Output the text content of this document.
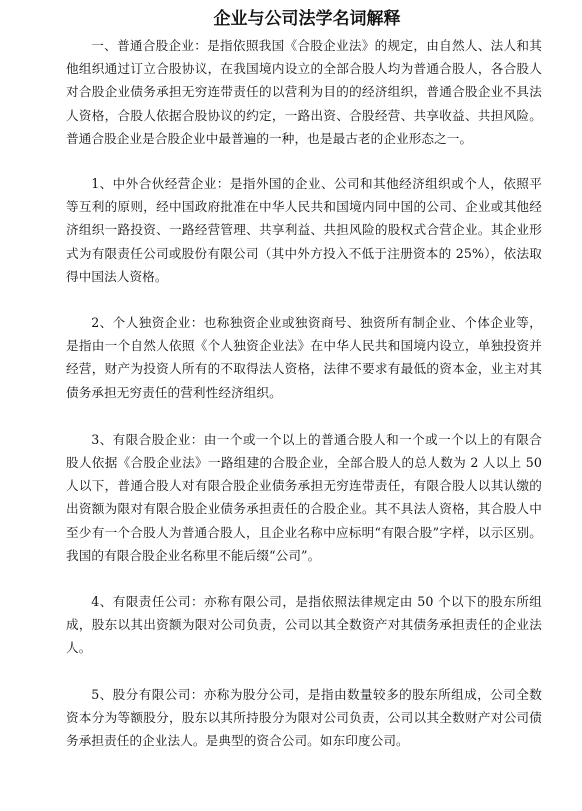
企业与公司法学名词解释

一、普通合股企业：是指依照我国《合股企业法》的规定，由自然人、法人和其他组织通过订立合股协议，在我国境内设立的全部合股人均为普通合股人，各合股人对合股企业债务承担无穷连带责任的以营利为目的的经济组织，普通合股企业不具法人资格，合股人依据合股协议的约定，一路出资、合股经营、共享收益、共担风险。普通合股企业是合股企业中最普遍的一种，也是最古老的企业形态之一。

1、中外合伙经营企业：是指外国的企业、公司和其他经济组织或个人，依照平等互利的原则，经中国政府批准在中华人民共和国境内同中国的公司、企业或其他经济组织一路投资、一路经营管理、共享利益、共担风险的股权式合营企业。其企业形式为有限责任公司或股份有限公司（其中外方投入不低于注册资本的 25%），依法取得中国法人资格。

2、个人独资企业：也称独资企业或独资商号、独资所有制企业、个体企业等，是指由一个自然人依照《个人独资企业法》在中华人民共和国境内设立，单独投资并经营，财产为投资人所有的不取得法人资格，法律不要求有最低的资本金，业主对其债务承担无穷责任的营利性经济组织。

3、有限合股企业：由一个或一个以上的普通合股人和一个或一个以上的有限合股人依据《合股企业法》一路组建的合股企业，全部合股人的总人数为 2 人以上 50 人以下，普通合股人对有限合股企业债务承担无穷连带责任，有限合股人以其认缴的出资额为限对有限合股企业债务承担责任的合股企业。其不具法人资格，其合股人中至少有一个合股人为普通合股人，且企业名称中应标明“有限合股”字样，以示区别。我国的有限合股企业名称里不能后缀“公司”。

4、有限责任公司：亦称有限公司，是指依照法律规定由 50 个以下的股东所组成，股东以其出资额为限对公司负责，公司以其全数资产对其债务承担责任的企业法人。

5、股分有限公司：亦称为股分公司，是指由数量较多的股东所组成，公司全数资本分为等额股分，股东以其所持股分为限对公司负责，公司以其全数财产对公司债务承担责任的企业法人。是典型的资合公司。如东印度公司。
